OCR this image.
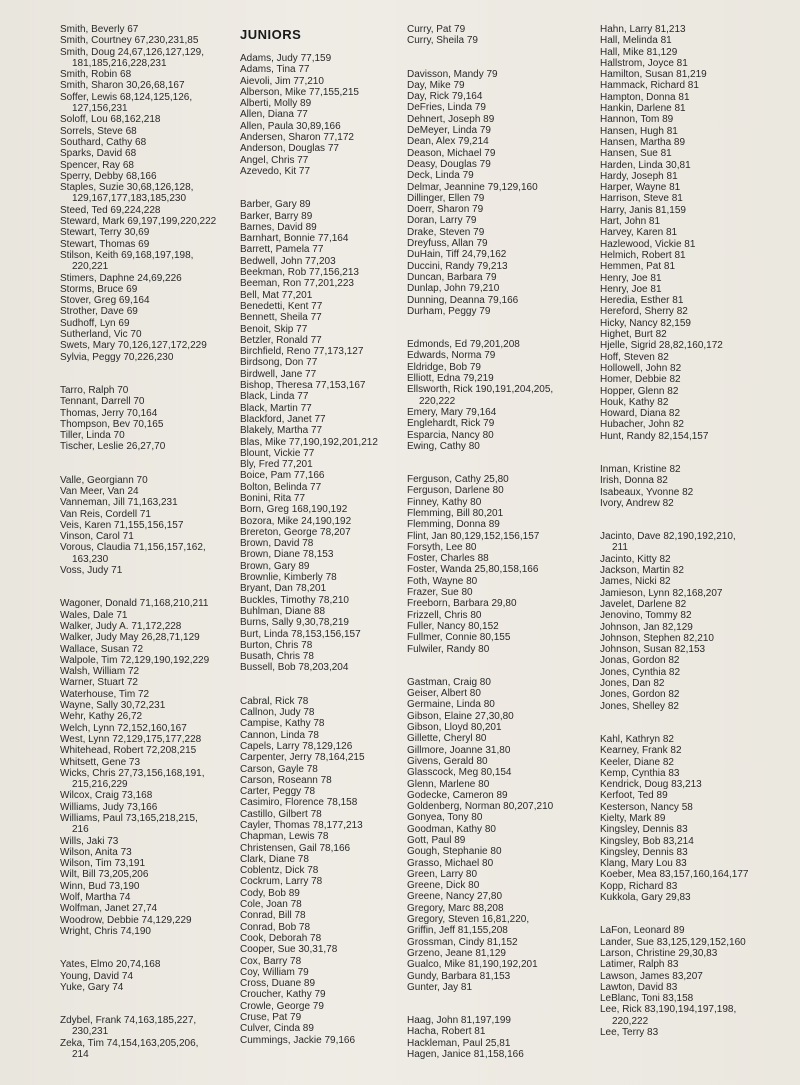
Smith, Beverly 67
Smith, Courtney 67,230,231,85
Smith, Doug 24,67,126,127,129,
181,185,216,228,231
Smith, Robin 68
Smith, Sharon 30,26,68,167
Soffer, Lewis 68,124,125,126,
127,156,231
Soloff, Lou 68,162,218
Sorrels, Steve 68
Southard, Cathy 68
Sparks, David 68
Spencer, Ray 68
Sperry, Debby 68,166
Staples, Suzie 30,68,126,128,
129,167,177,183,185,230
Steed, Ted 69,224,228
Steward, Mark 69,197,199,220,222
Stewart, Terry 30,69
Stewart, Thomas 69
Stilson, Keith 69,168,197,198,
220,221
Stimers, Daphne 24,69,226
Storms, Bruce 69
Stover, Greg 69,164
Strother, Dave 69
Sudhoff, Lyn 69
Sutherland, Vic 70
Swets, Mary 70,126,127,172,229
Sylvia, Peggy 70,226,230
Tarro, Ralph 70
Tennant, Darrell 70
Thomas, Jerry 70,164
Thompson, Bev 70,165
Tiller, Linda 70
Tischer, Leslie 26,27,70
Valle, Georgiann 70
Van Meer, Van 24
Vanneman, Jill 71,163,231
Van Reis, Cordell 71
Veis, Karen 71,155,156,157
Vinson, Carol 71
Vorous, Claudia 71,156,157,162,
163,230
Voss, Judy 71
Wagoner, Donald 71,168,210,211
Wales, Dale 71
Walker, Judy A. 71,172,228
Walker, Judy May 26,28,71,129
Wallace, Susan 72
Walpole, Tim 72,129,190,192,229
Walsh, William 72
Warner, Stuart 72
Waterhouse, Tim 72
Wayne, Sally 30,72,231
Wehr, Kathy 26,72
Welch, Lynn 72,152,160,167
West, Lynn 72,129,175,177,228
Whitehead, Robert 72,208,215
Whitsett, Gene 73
Wicks, Chris 27,73,156,168,191,
215,216,229
Wilcox, Craig 73,168
Williams, Judy 73,166
Williams, Paul 73,165,218,215,
216
Wills, Jaki 73
Wilson, Anita 73
Wilson, Tim 73,191
Wilt, Bill 73,205,206
Winn, Bud 73,190
Wolf, Martha 74
Wolfman, Janet 27,74
Woodrow, Debbie 74,129,229
Wright, Chris 74,190
Yates, Elmo 20,74,168
Young, David 74
Yuke, Gary 74
Zdybel, Frank 74,163,185,227,
230,231
Zeka, Tim 74,154,163,205,206,
214
JUNIORS
Adams, Judy 77,159
Adams, Tina 77
Aievoli, Jim 77,210
Alberson, Mike 77,155,215
Alberti, Molly 89
Allen, Diana 77
Allen, Paula 30,89,166
Andersen, Sharon 77,172
Anderson, Douglas 77
Angel, Chris 77
Azevedo, Kit 77
Barber, Gary 89
Barker, Barry 89
Barnes, David 89
Barnhart, Bonnie 77,164
Barrett, Pamela 77
Bedwell, John 77,203
Beekman, Rob 77,156,213
Beeman, Ron 77,201,223
Bell, Mat 77,201
Benedetti, Kent 77
Bennett, Sheila 77
Benoit, Skip 77
Betzler, Ronald 77
Birchfield, Reno 77,173,127
Birdsong, Don 77
Birdwell, Jane 77
Bishop, Theresa 77,153,167
Black, Linda 77
Black, Martin 77
Blackford, Janet 77
Blakely, Martha 77
Blas, Mike 77,190,192,201,212
Blount, Vickie 77
Bly, Fred 77,201
Boice, Pam 77,166
Bolton, Belinda 77
Bonini, Rita 77
Born, Greg 168,190,192
Bozora, Mike 24,190,192
Brereton, George 78,207
Brown, David 78
Brown, Diane 78,153
Brown, Gary 89
Brownlie, Kimberly 78
Bryant, Dan 78,201
Buckles, Timothy 78,210
Buhlman, Diane 88
Burns, Sally 9,30,78,219
Burt, Linda 78,153,156,157
Burton, Chris 78
Busath, Chris 78
Bussell, Bob 78,203,204
Cabral, Rick 78
Callnon, Judy 78
Campise, Kathy 78
Cannon, Linda 78
Capels, Larry 78,129,126
Carpenter, Jerry 78,164,215
Carson, Gayle 78
Carson, Roseann 78
Carter, Peggy 78
Casimiro, Florence 78,158
Castillo, Gilbert 78
Cayler, Thomas 78,177,213
Chapman, Lewis 78
Christensen, Gail 78,166
Clark, Diane 78
Coblentz, Dick 78
Cockrum, Larry 78
Cody, Bob 89
Cole, Joan 78
Conrad, Bill 78
Conrad, Bob 78
Cook, Deborah 78
Cooper, Sue 30,31,78
Cox, Barry 78
Coy, William 79
Cross, Duane 89
Croucher, Kathy 79
Crowle, George 79
Cruse, Pat 79
Culver, Cinda 89
Cummings, Jackie 79,166
Curry, Pat 79
Curry, Sheila 79
Davisson, Mandy 79
Day, Mike 79
Day, Rick 79,164
DeFries, Linda 79
Dehnert, Joseph 89
DeMeyer, Linda 79
Dean, Alex 79,214
Deason, Michael 79
Deasy, Douglas 79
Deck, Linda 79
Delmar, Jeannine 79,129,160
Dillinger, Ellen 79
Doerr, Sharon 79
Doran, Larry 79
Drake, Steven 79
Dreyfuss, Allan 79
DuHain, Tiff 24,79,162
Duccini, Randy 79,213
Duncan, Barbara 79
Dunlap, John 79,210
Dunning, Deanna 79,166
Durham, Peggy 79
Edmonds, Ed 79,201,208
Edwards, Norma 79
Eldridge, Bob 79
Elliott, Edna 79,219
Ellsworth, Rick 190,191,204,205,
220,222
Emery, Mary 79,164
Englehardt, Rick 79
Esparcia, Nancy 80
Ewing, Cathy 80
Ferguson, Cathy 25,80
Ferguson, Darlene 80
Finney, Kathy 80
Flemming, Bill 80,201
Flemming, Donna 89
Flint, Jan 80,129,152,156,157
Forsyth, Lee 80
Foster, Charles 88
Foster, Wanda 25,80,158,166
Foth, Wayne 80
Frazer, Sue 80
Freeborn, Barbara 29,80
Frizzell, Chris 80
Fuller, Nancy 80,152
Fullmer, Connie 80,155
Fulwiler, Randy 80
Gastman, Craig 80
Geiser, Albert 80
Germaine, Linda 80
Gibson, Elaine 27,30,80
Gibson, Lloyd 80,201
Gillette, Cheryl 80
Gillmore, Joanne 31,80
Givens, Gerald 80
Glasscock, Meg 80,154
Glenn, Marlene 80
Godecke, Cameron 89
Goldenberg, Norman 80,207,210
Gonyea, Tony 80
Goodman, Kathy 80
Gott, Paul 89
Gough, Stephanie 80
Grasso, Michael 80
Green, Larry 80
Greene, Dick 80
Greene, Nancy 27,80
Gregory, Marc 88,208
Gregory, Steven 16,81,220,
Griffin, Jeff 81,155,208
Grossman, Cindy 81,152
Grzeno, Jeane 81,129
Gualco, Mike 81,190,192,201
Gundy, Barbara 81,153
Gunter, Jay 81
Haag, John 81,197,199
Hacha, Robert 81
Hackleman, Paul 25,81
Hagen, Janice 81,158,166
Hahn, Larry 81,213
Hall, Melinda 81
Hall, Mike 81,129
Hallstrom, Joyce 81
Hamilton, Susan 81,219
Hammack, Richard 81
Hampton, Donna 81
Hankin, Darlene 81
Hannon, Tom 89
Hansen, Hugh 81
Hansen, Martha 89
Hansen, Sue 81
Harden, Linda 30,81
Hardy, Joseph 81
Harper, Wayne 81
Harrison, Steve 81
Harry, Janis 81,159
Hart, John 81
Harvey, Karen 81
Hazlewood, Vickie 81
Helmich, Robert 81
Hemmen, Pat 81
Henry, Joe 81
Henry, Joe 81
Heredia, Esther 81
Hereford, Sherry 82
Hicky, Nancy 82,159
Highet, Burt 82
Hjelle, Sigrid 28,82,160,172
Hoff, Steven 82
Hollowell, John 82
Homer, Debbie 82
Hopper, Glenn 82
Houk, Kathy 82
Howard, Diana 82
Hubacher, John 82
Hunt, Randy 82,154,157
Inman, Kristine 82
Irish, Donna 82
Isabeaux, Yvonne 82
Ivory, Andrew 82
Jacinto, Dave 82,190,192,210,
211
Jacinto, Kitty 82
Jackson, Martin 82
James, Nicki 82
Jamieson, Lynn 82,168,207
Javelet, Darlene 82
Jenovino, Tommy 82
Johnson, Jan 82,129
Johnson, Stephen 82,210
Johnson, Susan 82,153
Jonas, Gordon 82
Jones, Cynthia 82
Jones, Dan 82
Jones, Gordon 82
Jones, Shelley 82
Kahl, Kathryn 82
Kearney, Frank 82
Keeler, Diane 82
Kemp, Cynthia 83
Kendrick, Doug 83,213
Kerfoot, Ted 89
Kesterson, Nancy 58
Kielty, Mark 89
Kingsley, Dennis 83
Kingsley, Bob 83,214
Kingsley, Dennis 83
Klang, Mary Lou 83
Koeber, Mea 83,157,160,164,177
Kopp, Richard 83
Kukkola, Gary 29,83
LaFon, Leonard 89
Lander, Sue 83,125,129,152,160
Larson, Christine 29,30,83
Latimer, Ralph 83
Lawson, James 83,207
Lawton, David 83
LeBlanc, Toni 83,158
Lee, Rick 83,190,194,197,198,
220,222
Lee, Terry 83
